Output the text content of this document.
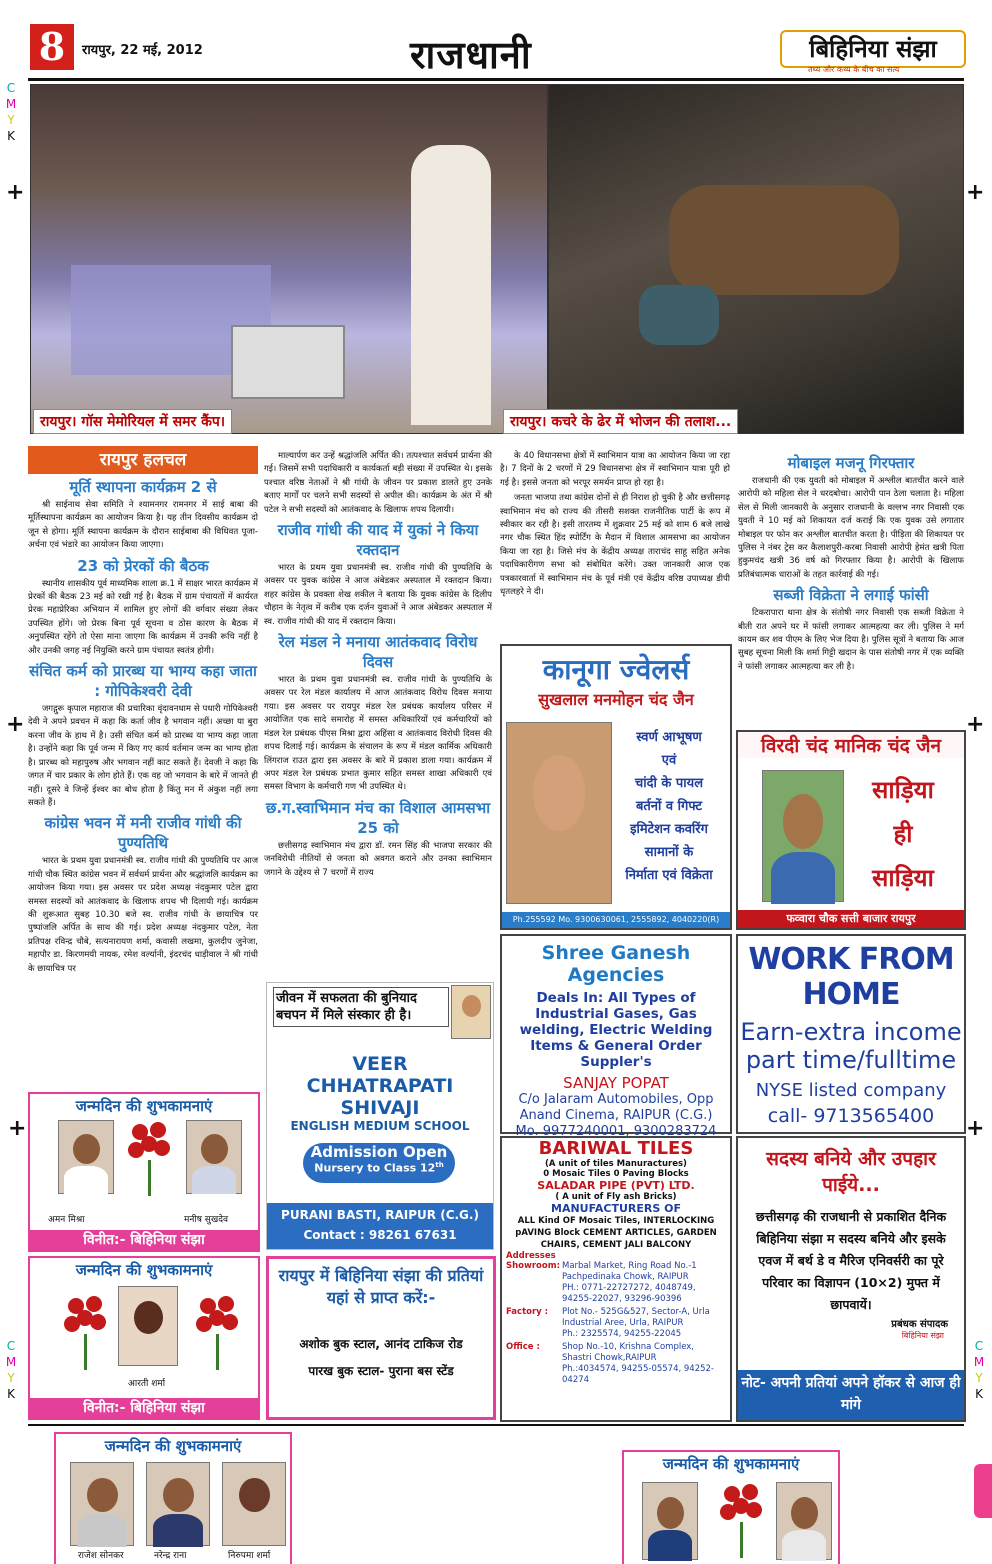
8	रायपुर, 22 मई, 2012	राजधानी	बिहिनिया संझा
तथ्य और कथ्य के बीच का सत्य
C
M
Y
K
C
M
Y
K
C
M
Y
K
+	+
+	+
+	+
रायपुर। गॉस मेमोरियल में समर कैंप।	रायपुर। कचरे के ढेर में भोजन की तलाश...
रायपुर हलचल
मूर्ति स्थापना कार्यक्रम 2 से

श्री साईनाथ सेवा समिति ने श्यामनगर रामनगर में साई बाबा की मूर्तिस्थापना कार्यक्रम का आयोजन किया है। यह तीन दिवसीय कार्यक्रम दो जून से होगा। मूर्ति स्थापना कार्यक्रम के दौरान साईबाबा की विधिवत पूजा-अर्चना एवं भंडारे का आयोजन किया जाएगा।

23 को प्रेरकों की बैठक

स्थानीय शासकीय पूर्व माध्यमिक शाला क्र.1 में साक्षर भारत कार्यक्रम में प्रेरकों की बैठक 23 मई को रखी गई है। बैठक में ग्राम पंचायतों में कार्यरत प्रेरक महाप्रेरिका अभियान में शामिल हुए लोगों की वर्गवार संख्या लेकर उपस्थित होंगे। जो प्रेरक बिना पूर्व सूचना व ठोस कारण के बैठक में अनुपस्थित रहेंगे तो ऐसा माना जाएगा कि कार्यक्रम में उनकी रूचि नहीं है और उनकी जगह नई नियुक्ति करने ग्राम पंचायत स्वतंत्र होगी।

संचित कर्म को प्रारब्ध या भाग्य कहा जाता : गोपिकेश्वरी देवी

जगद्गुरू कृपाल महाराज की प्रचारिका वृंदावनधाम से पधारी गोपिकेश्वरी देवी ने अपने प्रवचन में कहा कि कर्ता जीव है भगवान नहीं। अच्छा या बुरा करना जीव के हाथ में है। उसी संचित कर्म को प्रारब्ध या भाग्य कहा जाता है। उन्होंने कहा कि पूर्व जन्म में किए गए कार्य वर्तमान जन्म का भाग्य होता है। प्रारब्ध को महापुरुष और भगवान नहीं काट सकते हैं। देवजी ने कहा कि जगत में चार प्रकार के लोग होते हैं। एक वह जो भगवान के बारे में जानते ही नहीं। दूसरे वे जिन्हें ईश्वर का बोध होता है किंतु मन में अंकुश नहीं लगा सकते हैं।

कांग्रेस भवन में मनी राजीव गांधी की पुण्यतिथि

भारत के प्रथम युवा प्रधानमंत्री स्व. राजीव गांधी की पुण्यतिथि पर आज गांधी चौक स्थित कांग्रेस भवन में सर्वधर्म प्रार्थना और श्रद्धांजलि कार्यक्रम का आयोजन किया गया। इस अवसर पर प्रदेश अध्यक्ष नंदकुमार पटेल द्वारा समस्त सदस्यों को आतंकवाद के खिलाफ शपथ भी दिलायी गई। कार्यक्रम की शुरूआत सुबह 10.30 बजे स्व. राजीव गांधी के छायाचित्र पर पुष्पांजलि अर्पित के साथ की गई। प्रदेश अध्यक्ष नंदकुमार पटेल, नेता प्रतिपक्ष रविन्द्र चौबे, सत्यनारायण शर्मा, कवासी लखमा, कुलदीप जुनेजा, महापौर डा. किरणमयी नायक, रमेश वर्ल्यानी, इंदरचंद धाड़ीवाल ने श्री गांधी के छायाचित्र पर

माल्यार्पण कर उन्हें श्रद्धांजलि अर्पित की। तत्पश्चात सर्वधर्म प्रार्थना की गई। जिसमें सभी पदाधिकारी व कार्यकर्ता बड़ी संख्या में उपस्थित थे। इसके पश्चात वरिष्ठ नेताओं ने श्री गांधी के जीवन पर प्रकाश डालते हुए उनके बताए मार्गों पर चलने सभी सदस्यों से अपील की। कार्यक्रम के अंत में श्री पटेल ने सभी सदस्यों को आतंकवाद के खिलाफ शपथ दिलायी।

राजीव गांधी की याद में युकां ने किया रक्तदान

भारत के प्रथम युवा प्रधानमंत्री स्व. राजीव गांधी की पुण्यतिथि के अवसर पर युवक कांग्रेस ने आज अंबेडकर अस्पताल में रक्तदान किया। शहर कांग्रेस के प्रवक्ता शेख शकील ने बताया कि युवक कांग्रेस के दिलीप चौहान के नेतृत्व में करीब एक दर्जन युवाओं ने आज अंबेडकर अस्पताल में स्व. राजीव गांधी की याद में रक्तदान किया।

रेल मंडल ने मनाया आतंकवाद विरोध दिवस

भारत के प्रथम युवा प्रधानमंत्री स्व. राजीव गांधी के पुण्यतिथि के अवसर पर रेल मंडल कार्यालय में आज आतंकवाद विरोध दिवस मनाया गया। इस अवसर पर रायपुर मंडल रेल प्रबंधक कार्यालय परिसर में आयोजित एक सादे समारोह में समस्त अधिकारियों एवं कर्मचारियों को मंडल रेल प्रबंधक पीएस मिश्रा द्वारा अहिंसा व आतंकवाद विरोधी दिवस की शपथ दिलाई गई। कार्यक्रम के संचालन के रूप में मंडल कार्मिक अधिकारी लिंगराज राउत द्वारा इस अवसर के बारे में प्रकाश डाला गया। कार्यक्रम में अपर मंडल रेल प्रबंधक प्रभात कुमार सहित समस्त शाखा अधिकारी एवं समस्त विभाग के कर्मचारी गण भी उपस्थित थे।

छ.ग.स्वाभिमान मंच का विशाल आमसभा 25 को

छत्तीसगढ़ स्वाभिमान मंच द्वारा डॉ. रमन सिंह की भाजपा सरकार की जनविरोधी नीतियों से जनता को अवगत कराने और उनका स्वाभिमान जगाने के उद्देश्य से 7 चरणों में राज्य

के 40 विधानसभा क्षेत्रों में स्वाभिमान यात्रा का आयोजन किया जा रहा है। 7 दिनों के 2 चरणों में 29 विधानसभा क्षेत्र में स्वाभिमान यात्रा पूरी हो गई है। इससे जनता को भरपूर समर्थन प्राप्त हो रहा है।

जनता भाजपा तथा कांग्रेस दोनों से ही निराश हो चुकी है और छत्तीसगढ़ स्वाभिमान मंच को राज्य की तीसरी सशक्त राजनीतिक पार्टी के रूप में स्वीकार कर रही है। इसी तारतम्य में शुक्रवार 25 मई को शाम 6 बजे लाखे नगर चौक स्थित हिंद स्पोर्टिंग के मैदान में विशाल आमसभा का आयोजन किया जा रहा है। जिसे मंच के केंद्रीय अध्यक्ष ताराचंद साहू सहित अनेक पदाधिकारीगण सभा को संबोधित करेंगे। उक्त जानकारी आज एक पत्रकारवार्ता में स्वाभिमान मंच के पूर्व मंत्री एवं केंद्रीय वरिष्ठ उपाध्यक्ष डीपी धृतलहरे ने दी।

मोबाइल मजनू गिरफ्तार

राजधानी की एक युवती को मोबाइल में अश्लील बातचीत करने वाले आरोपी को महिला सेल ने धरदबोचा। आरोपी पान ठेला चलाता है। महिला सेल से मिली जानकारी के अनुसार राजधानी के वल्लभ नगर निवासी एक युवती ने 10 मई को शिकायत दर्ज कराई कि एक युवक उसे लगातार मोबाइल पर फोन कर अश्लील बातचीत करता है। पीड़िता की शिकायत पर पुलिस ने नंबर ट्रेस कर कैलाशपुरी-करबा निवासी आरोपी हेमंत खत्री पिता हुकुमचंद खत्री 36 वर्ष को गिरफ्तार किया है। आरोपी के खिलाफ प्रतिबंधात्मक धाराओं के तहत कार्रवाई की गई।

सब्जी विक्रेता ने लगाई फांसी

टिकरापारा थाना क्षेत्र के संतोषी नगर निवासी एक सब्जी विक्रेता ने बीती रात अपने घर में फांसी लगाकर आत्महत्या कर ली। पुलिस ने मर्ग कायम कर शव पीएम के लिए भेज दिया है। पुलिस सूत्रों ने बताया कि आज सुबह सूचना मिली कि शर्मा गिट्टी खदान के पास संतोषी नगर में एक व्यक्ति ने फांसी लगाकर आत्महत्या कर ली है।

कानूगा ज्वेलर्स
सुखलाल मनमोहन चंद जैन
स्वर्ण आभूषण
एवं
चांदी के पायल
बर्तनों व गिफ्ट
इमिटेशन कवरिंग
सामानों के
निर्माता एवं विक्रेता
Ph.255592 Mo. 9300630061, 2555892, 4040220(R)
विरदी चंद मानिक चंद जैन
साड़िया
ही
साड़िया
फव्वारा चौक सत्ती बाजार रायपुर
Shree Ganesh Agencies
Deals In: All Types of Industrial Gases, Gas welding, Electric Welding Items & General Order Suppler's
SANJAY POPAT
C/o Jalaram Automobiles, Opp Anand Cinema, RAIPUR (C.G.)
Mo. 9977240001, 9300283724
WORK FROM HOME
Earn-extra income
part time/fulltime
NYSE listed company
call- 9713565400
जीवन में सफलता की बुनियाद
बचपन में मिले संस्कार ही है।
VEER
CHHATRAPATI SHIVAJI
ENGLISH MEDIUM SCHOOL
Admission Open
Nursery to Class 12th
PURANI BASTI, RAIPUR (C.G.)
Contact : 98261 67631
रायपुर में बिहिनिया संझा की प्रतियां यहां से प्राप्त करें:-
अशोक बुक स्टाल, आनंद टाकिज रोड
पारख बुक स्टाल- पुराना बस स्टेंड
BARIWAL TILES
(A unit of tiles Manuractures)
0 Mosaic Tiles 0 Paving Blocks
SALADAR PIPE (PVT) LTD.
( A unit of Fly ash Bricks)
MANUFACTURERS OF
ALL Kind OF Mosaic Tiles, INTERLOCKING pAVING Block CEMENT ARTICLES, GARDEN CHAIRS, CEMENT JALI BALCONY
Addresses
Showroom: Marbal Market, Ring Road No.-1 Pachpedinaka Chowk, RAIPUR
PH.: 0771-22727272, 4048749, 94255-22027, 93296-90396
Factory :	Plot No.- 525G&527, Sector-A, Urla Industrial Aree, Urla, RAIPUR
Ph.: 2325574, 94255-22045
Office :	Shop No.-10, Krishna Complex, Shastri Chowk,RAIPUR
Ph.:4034574, 94255-05574, 94252-04274
सदस्य बनिये और उपहार पाईये...
छत्तीसगढ़ की राजधानी से प्रकाशित दैनिक बिहिनिया संझा म सदस्य बनिये और इसके एवज में बर्थ डे व मैरिज एनिवर्सरी का पूरे परिवार का विज्ञापन (10×2) मुफ्त में छापवायें।
प्रबंधक संपादक
बिहिनिया संझा
नोट- अपनी प्रतियां अपने हॉकर से आज ही मांगे
जन्मदिन की शुभकामनाएं
अमन मिश्रा	मनीष सुखदेव
विनीत:- बिहिनिया संझा
जन्मदिन की शुभकामनाएं
आरती शर्मा
विनीत:- बिहिनिया संझा
जन्मदिन की शुभकामनाएं
राजेश सोनकर	नरेन्द्र राना	निरुपमा शर्मा
जन्मदिन की शुभकामनाएं
